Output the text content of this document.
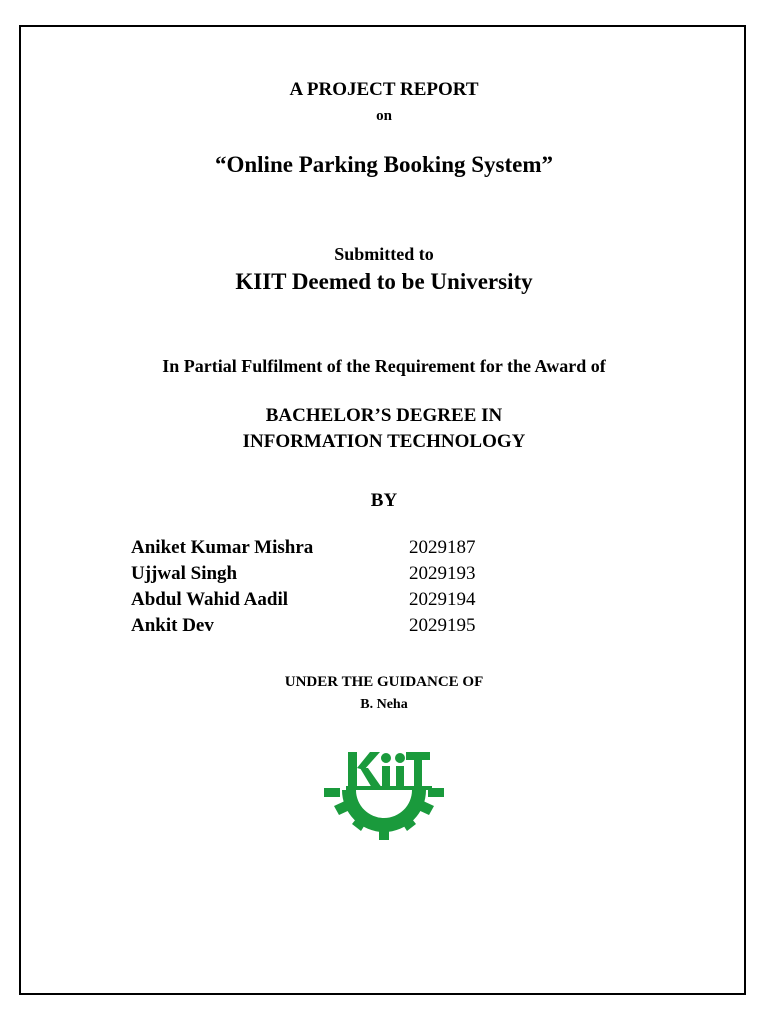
A PROJECT REPORT
on
“Online Parking Booking System”
Submitted to
KIIT Deemed to be University
In Partial Fulfilment of the Requirement for the Award of
BACHELOR’S DEGREE IN
INFORMATION TECHNOLOGY
BY
Aniket Kumar Mishra	2029187
Ujjwal Singh	2029193
Abdul Wahid Aadil	2029194
Ankit Dev	2029195
UNDER THE GUIDANCE OF
B. Neha
